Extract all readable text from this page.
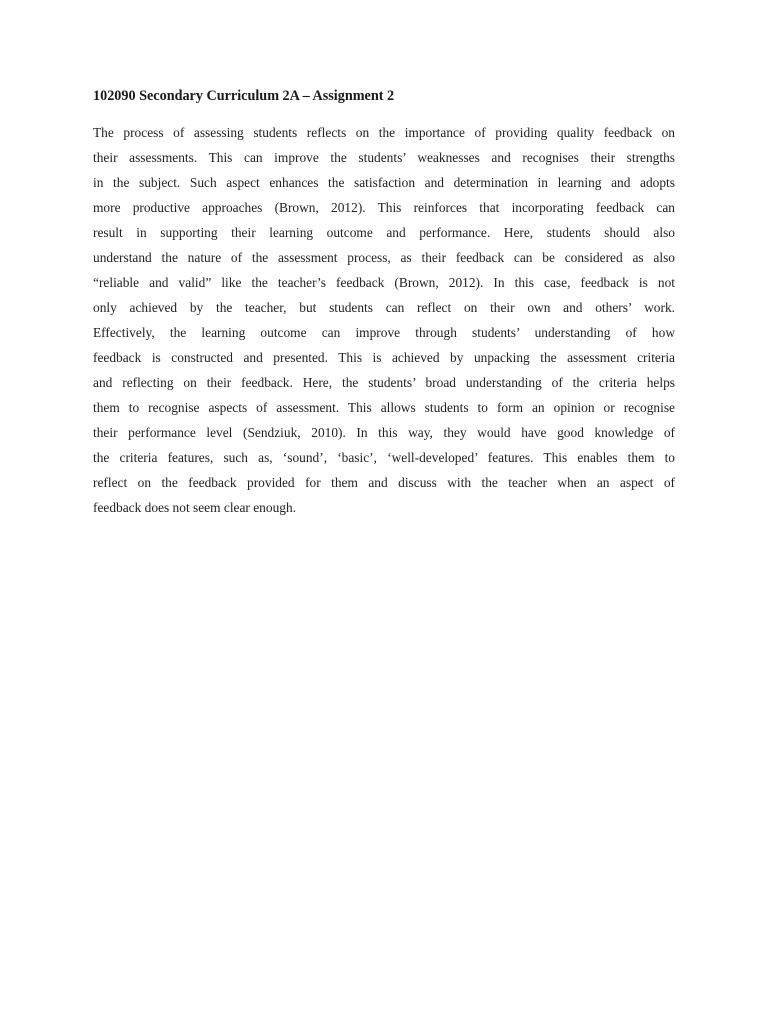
102090 Secondary Curriculum 2A – Assignment 2
The process of assessing students reflects on the importance of providing quality feedback on
their assessments. This can improve the students’ weaknesses and recognises their strengths
in the subject. Such aspect enhances the satisfaction and determination in learning and adopts
more productive approaches (Brown, 2012). This reinforces that incorporating feedback can
result in supporting their learning outcome and performance. Here, students should also
understand the nature of the assessment process, as their feedback can be considered as also
“reliable and valid” like the teacher’s feedback (Brown, 2012). In this case, feedback is not
only achieved by the teacher, but students can reflect on their own and others’ work.
Effectively, the learning outcome can improve through students’ understanding of how
feedback is constructed and presented. This is achieved by unpacking the assessment criteria
and reflecting on their feedback. Here, the students’ broad understanding of the criteria helps
them to recognise aspects of assessment. This allows students to form an opinion or recognise
their performance level (Sendziuk, 2010). In this way, they would have good knowledge of
the criteria features, such as, ‘sound’, ‘basic’, ‘well-developed’ features. This enables them to
reflect on the feedback provided for them and discuss with the teacher when an aspect of
feedback does not seem clear enough.
